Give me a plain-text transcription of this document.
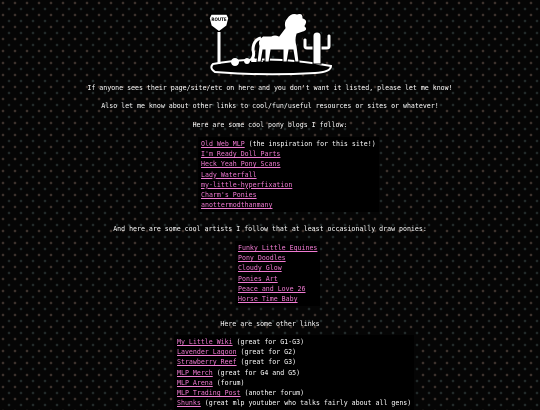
ROUTE
If anyone sees their page/site/etc on here and you don't want it listed, please let me know!
Also let me know about other links to cool/fun/useful resources or sites or whatever!
Here are some cool pony blogs I follow:
Old Web MLP (the inspiration for this site!)
I'm Ready Doll Parts
Heck Yeah Pony Scans
Lady Waterfall
my-little-hyperfixation
Charm's Ponies
anottermodthanmany
And here are some cool artists I follow that at least occasionally draw ponies:
Funky Little Equines
Pony Doodles
Cloudy Glow
Ponies Art
Peace and Love 26
Horse Time Baby
Here are some other links
My Little Wiki (great for G1-G3)
Lavender Lagoon (great for G2)
Strawberry Reef (great for G3)
MLP Merch (great for G4 and G5)
MLP Arena (forum)
MLP Trading Post (another forum)
Shunks (great mlp youtuber who talks fairly about all gens)
